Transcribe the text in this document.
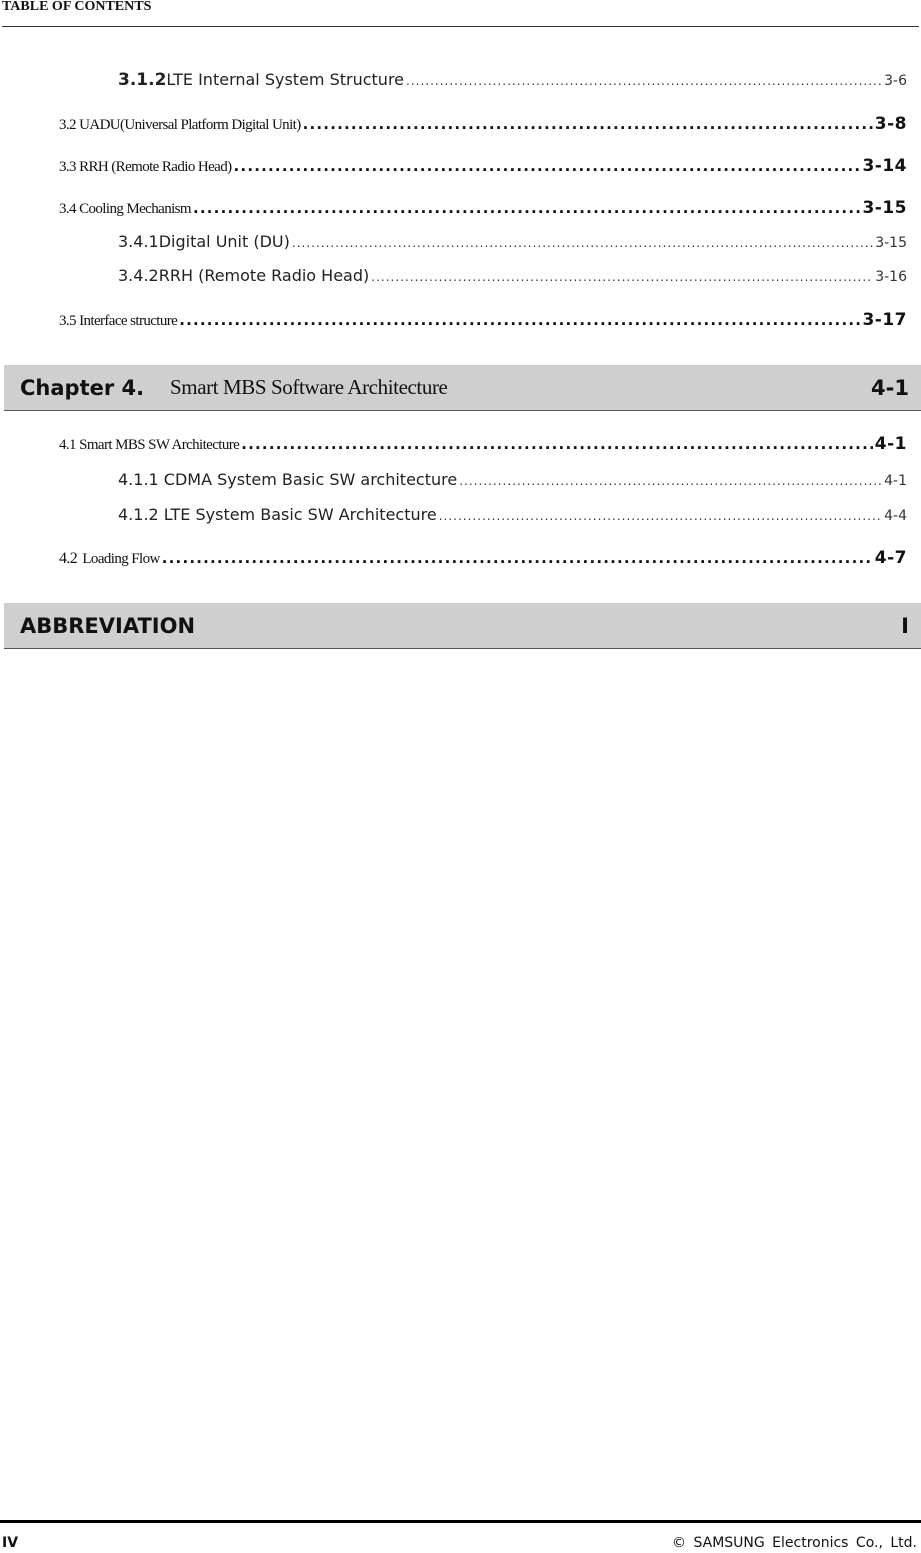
TABLE OF CONTENTS
3.1.2 LTE Internal System Structure .....	3-6
3.2 UADU(Universal Platform Digital Unit) .....	3-8
3.3 RRH (Remote Radio Head) .....	3-14
3.4 Cooling Mechanism .....	3-15
3.4.1 Digital Unit (DU) .....	3-15
3.4.2 RRH (Remote Radio Head) .....	3-16
3.5 Interface structure .....	3-17
Chapter 4.	Smart MBS Software Architecture	4-1
4.1 Smart MBS SW Architecture .....	4-1
4.1.1 CDMA System Basic SW architecture .....	4-1
4.1.2 LTE System Basic SW Architecture .....	4-4
4.2 Loading Flow .....	4-7
ABBREVIATION	I
IV	© SAMSUNG Electronics Co., Ltd.
